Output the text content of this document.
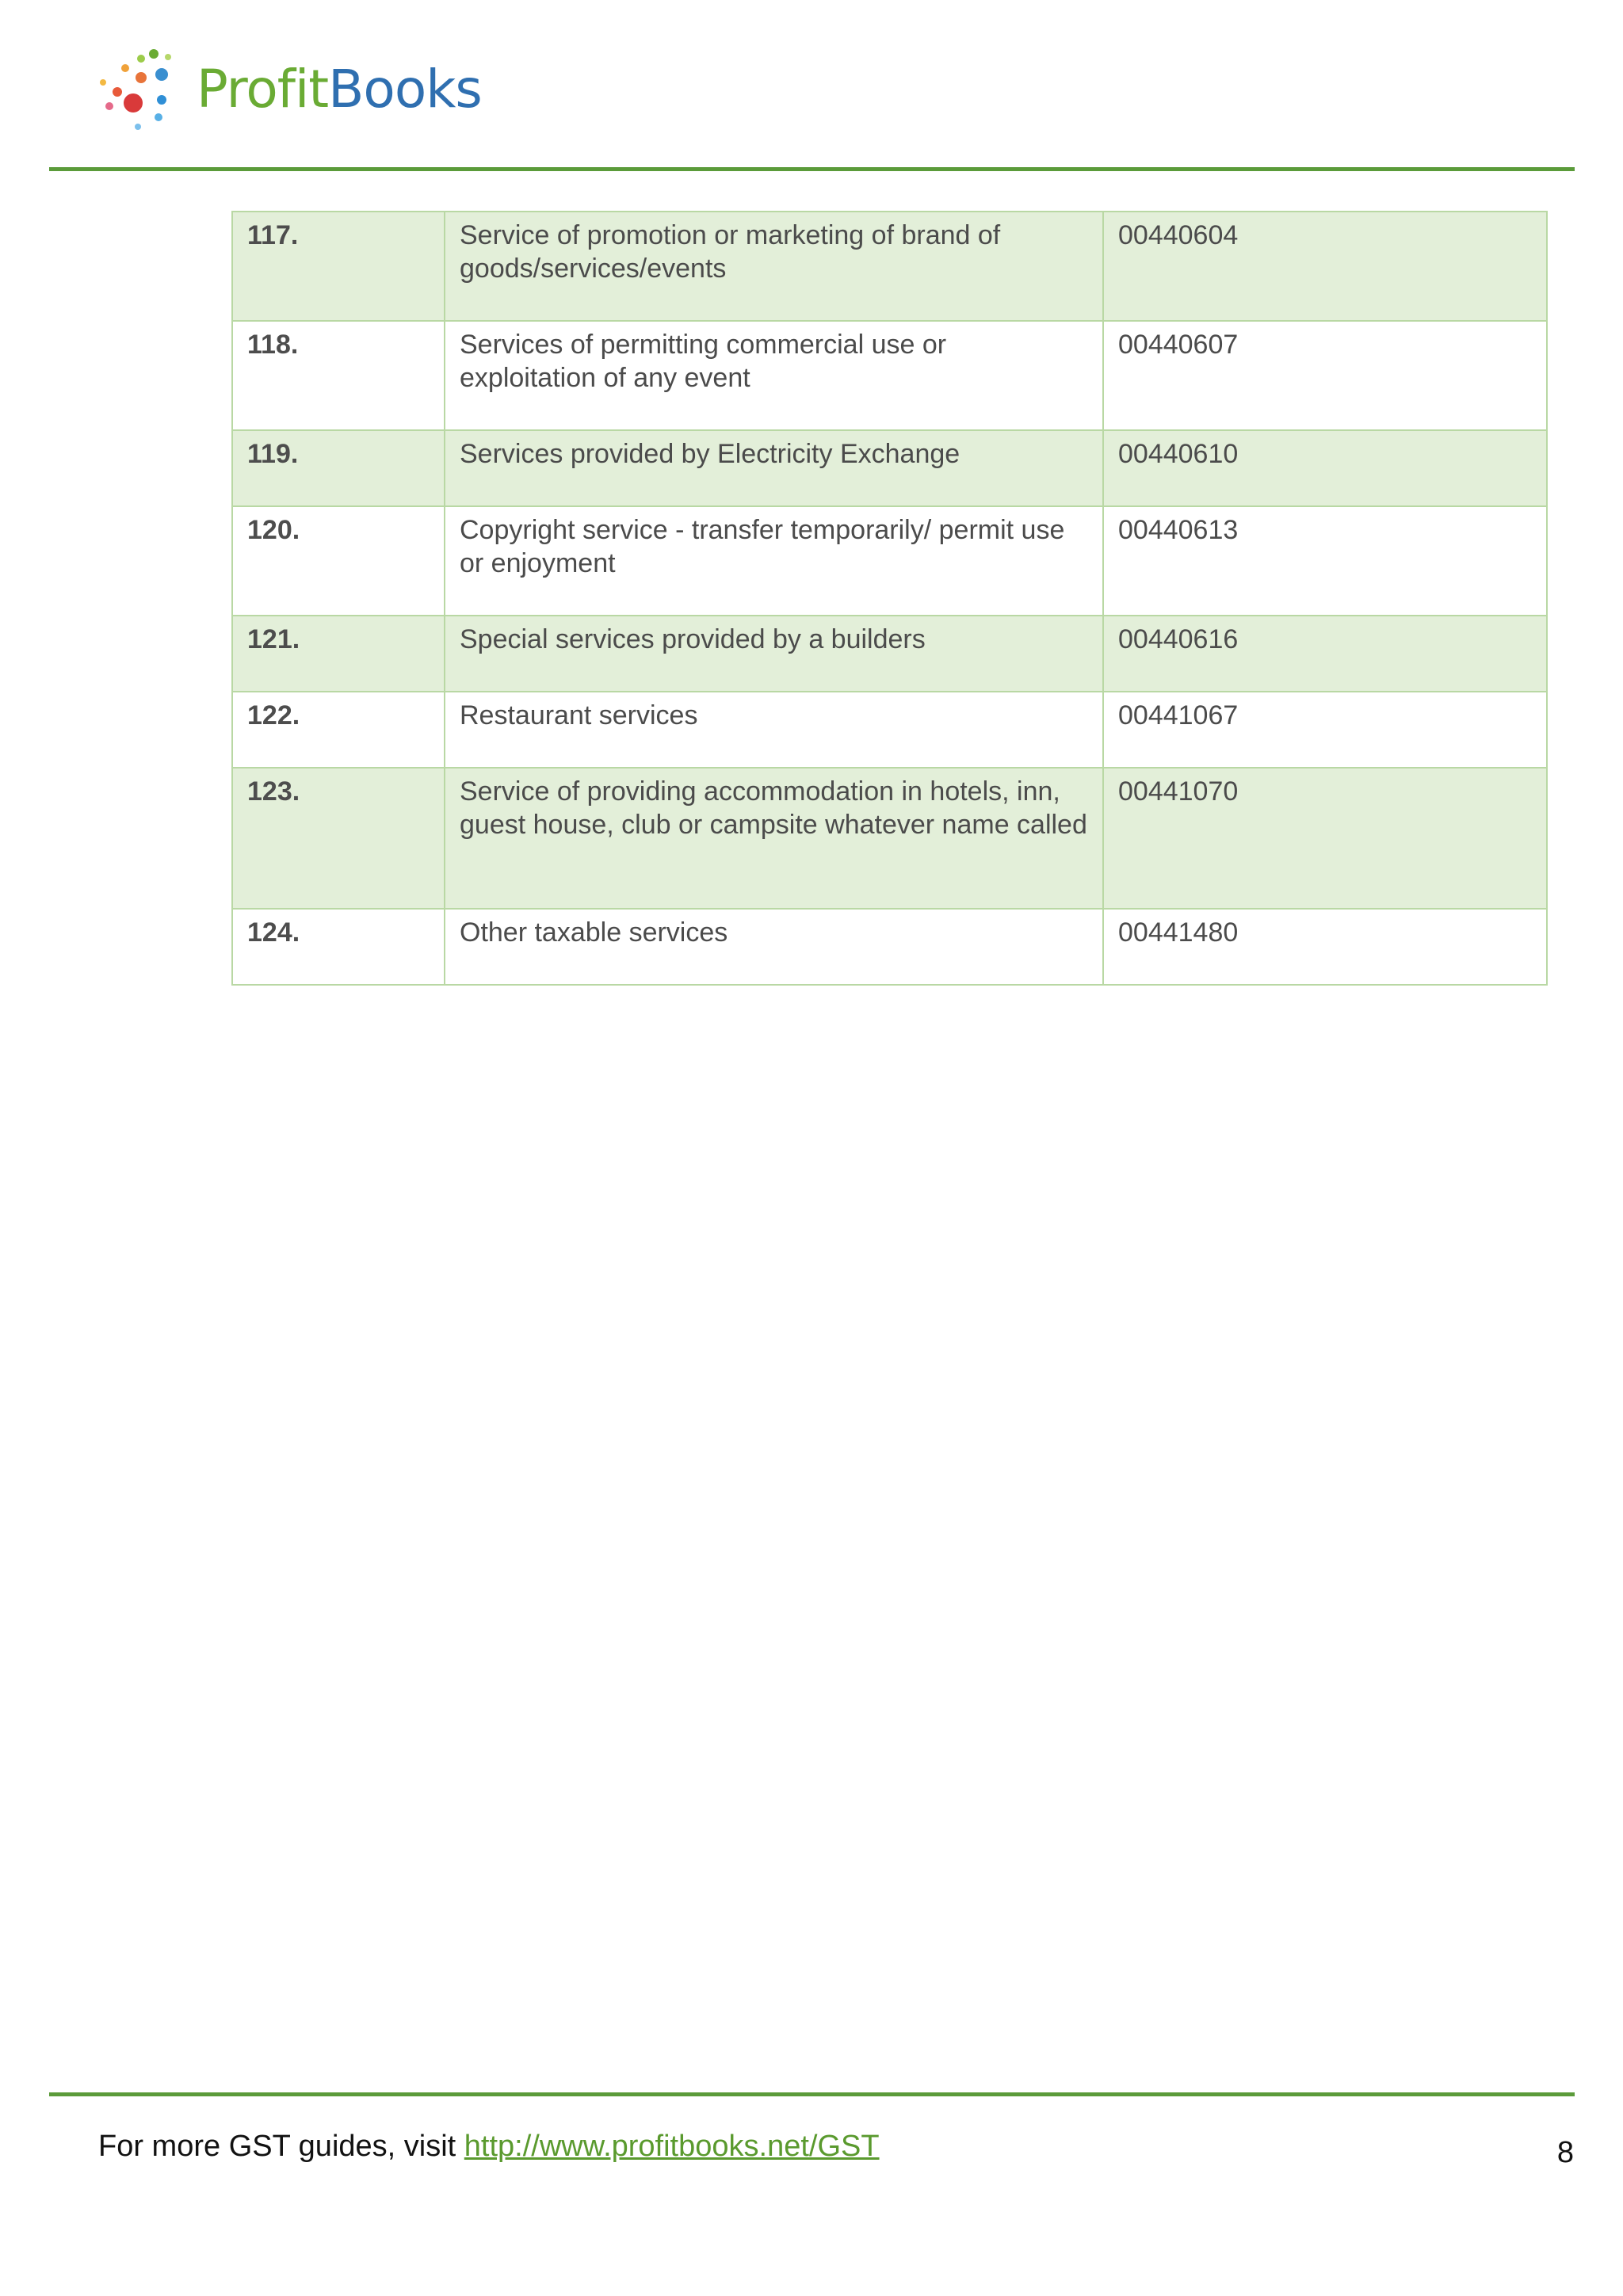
ProfitBooks
117.	Service of promotion or marketing of brand of goods/services/events	00440604
118.	Services of permitting commercial use or exploitation of any event	00440607
119.	Services provided by Electricity Exchange	00440610
120.	Copyright service - transfer temporarily/ permit use or enjoyment	00440613
121.	Special services provided by a builders	00440616
122.	Restaurant services	00441067
123.	Service of providing accommodation in hotels, inn, guest house, club or campsite whatever name called	00441070
124.	Other taxable services	00441480
For more GST guides, visit http://www.profitbooks.net/GST	8
